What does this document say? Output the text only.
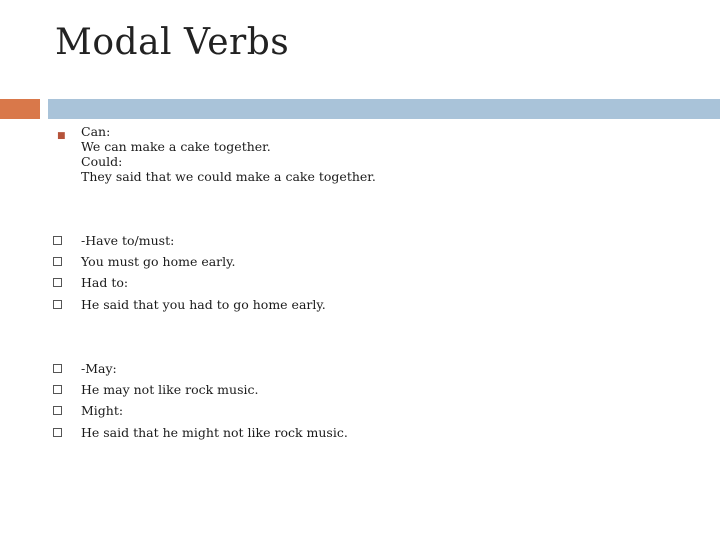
Modal Verbs
■ Can:
We can make a cake together.
Could:
They said that we could make a cake together.
-Have to/must:
You must go home early.
Had to:
He said that you had to go home early.
-May:
He may not like rock music.
Might:
He said that he might not like rock music.
